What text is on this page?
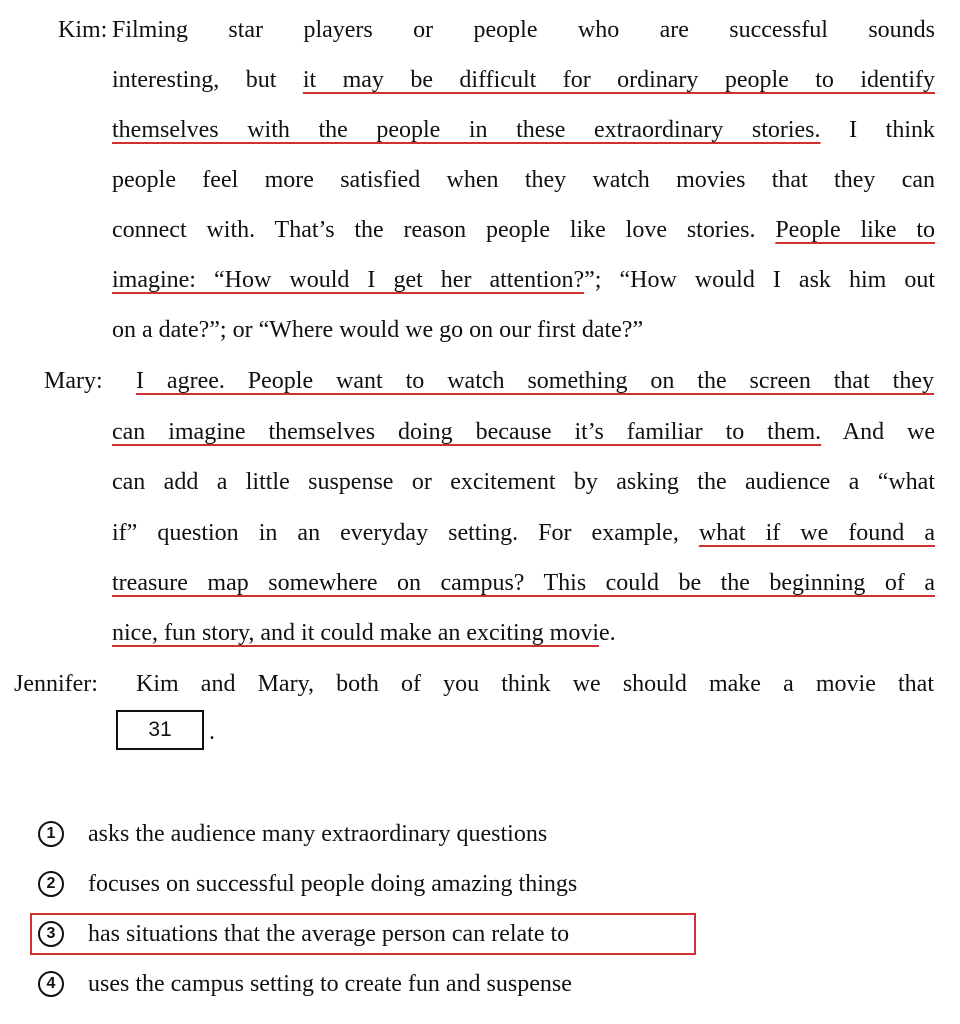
Kim: Filming star players or people who are successful sounds
interesting, but it may be difficult for ordinary people to identify
themselves with the people in these extraordinary stories. I think
people feel more satisfied when they watch movies that they can
connect with. That’s the reason people like love stories. People like to
imagine: “How would I get her attention?”; “How would I ask him out
on a date?”; or “Where would we go on our first date?”
Mary: I agree. People want to watch something on the screen that they
can imagine themselves doing because it’s familiar to them. And we
can add a little suspense or excitement by asking the audience a “what
if” question in an everyday setting. For example, what if we found a
treasure map somewhere on campus? This could be the beginning of a
nice, fun story, and it could make an exciting movie.
Jennifer: Kim and Mary, both of you think we should make a movie that
31	.
1	asks the audience many extraordinary questions
2	focuses on successful people doing amazing things
3	has situations that the average person can relate to
4	uses the campus setting to create fun and suspense
